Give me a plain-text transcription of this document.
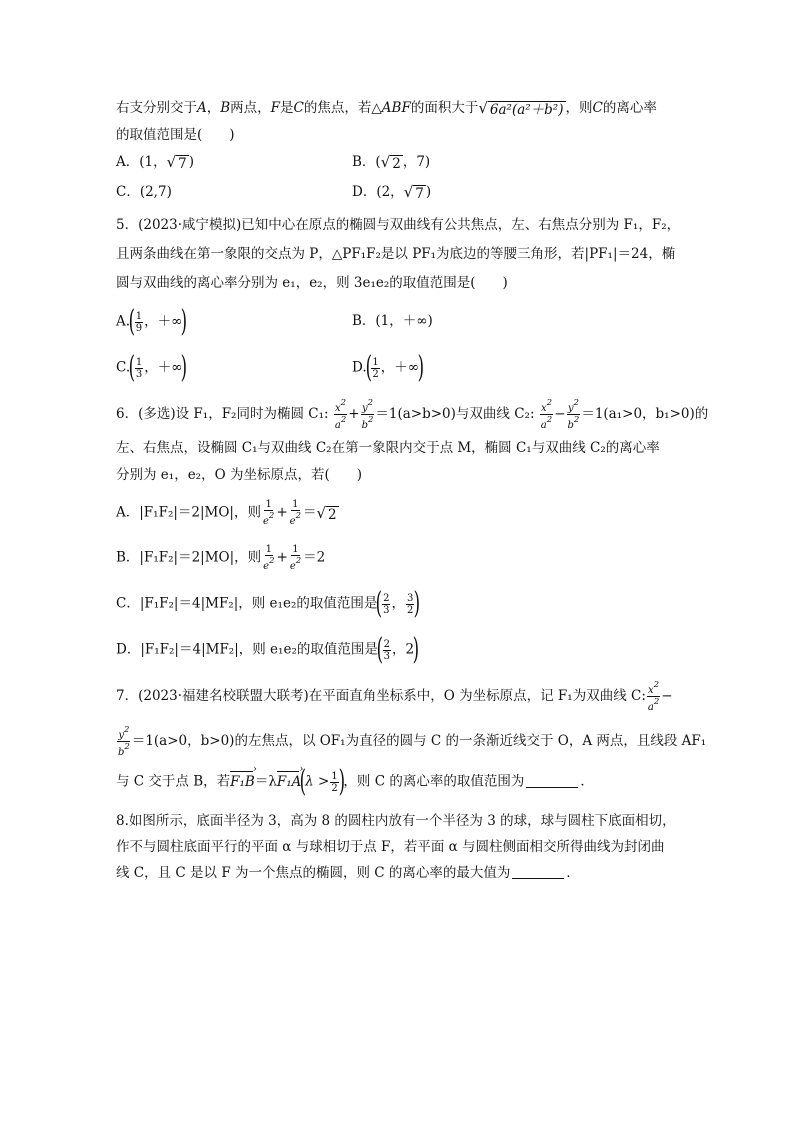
右支分别交于A，B两点，F是C的焦点，若△ABF的面积大于 √ 6a²(a²＋b²) ，则C的离心率
的取值范围是(　　)
A．(1， √ 7 )	B．( √ 2 ，7)
C．(2,7)	D．(2， √ 7 )
5．(2023·咸宁模拟)已知中心在原点的椭圆与双曲线有公共焦点，左、右焦点分别为 F₁，F₂，
且两条曲线在第一象限的交点为 P，△PF₁F₂是以 PF₁为底边的等腰三角形，若|PF₁|＝24，椭
圆与双曲线的离心率分别为 e₁，e₂，则 3e₁e₂的取值范围是(　　)
$A.( \frac{1}{9}$ ，＋∞)	B．(1，＋∞)
$C.( \frac{1}{3}$ ，＋∞)	$D.( \frac{1}{2}$ ，＋∞)
6．(多选)设 F₁，F₂同时为椭圆 C₁: $\frac{x^2}{a^2} + \frac{y^2}{b^2} =1(a>b>0)$与双曲线 C₂: $\frac{x^2}{a^2} - \frac{y^2}{b^2} =1(a_1>0$，b₁>0)的
左、右焦点，设椭圆 C₁与双曲线 C₂在第一象限内交于点 M，椭圆 C₁与双曲线 C₂的离心率
分别为 e₁，e₂，O 为坐标原点，若(　　)
A．|F₁F₂|＝2|MO|，则 $\frac{1}{e^2} + \frac{1}{e^2}$ ＝ √ 2
B．|F₁F₂|＝2|MO|，则 $\frac{1}{e^2} + \frac{1}{e^2} =2$
C．|F₁F₂|＝4|MF₂|，则 e₁e₂的取值范围是( $\frac{2}{3}$ ， $\frac{3}{2}$ )
D．|F₁F₂|＝4|MF₂|，则 e₁e₂的取值范围是( $\frac{2}{3}$ ，2)
7．(2023·福建名校联盟大联考)在平面直角坐标系中，O 为坐标原点，记 F₁为双曲线 C: $\frac{x^2}{a^2}$ −
$\frac{y^2}{b^2} =1(a>0$，b>0)的左焦点，以 OF₁为直径的圆与 C 的一条渐近线交于 O，A 两点，且线段 AF₁
与 C 交于点 B，若F₁B ›＝λF₁A ›(λ > $\frac{1}{2}$ )，则 C 的离心率的取值范围为	．
8.如图所示，底面半径为 3，高为 8 的圆柱内放有一个半径为 3 的球，球与圆柱下底面相切，
作不与圆柱底面平行的平面 α 与球相切于点 F，若平面 α 与圆柱侧面相交所得曲线为封闭曲
线 C，且 C 是以 F 为一个焦点的椭圆，则 C 的离心率的最大值为	．
